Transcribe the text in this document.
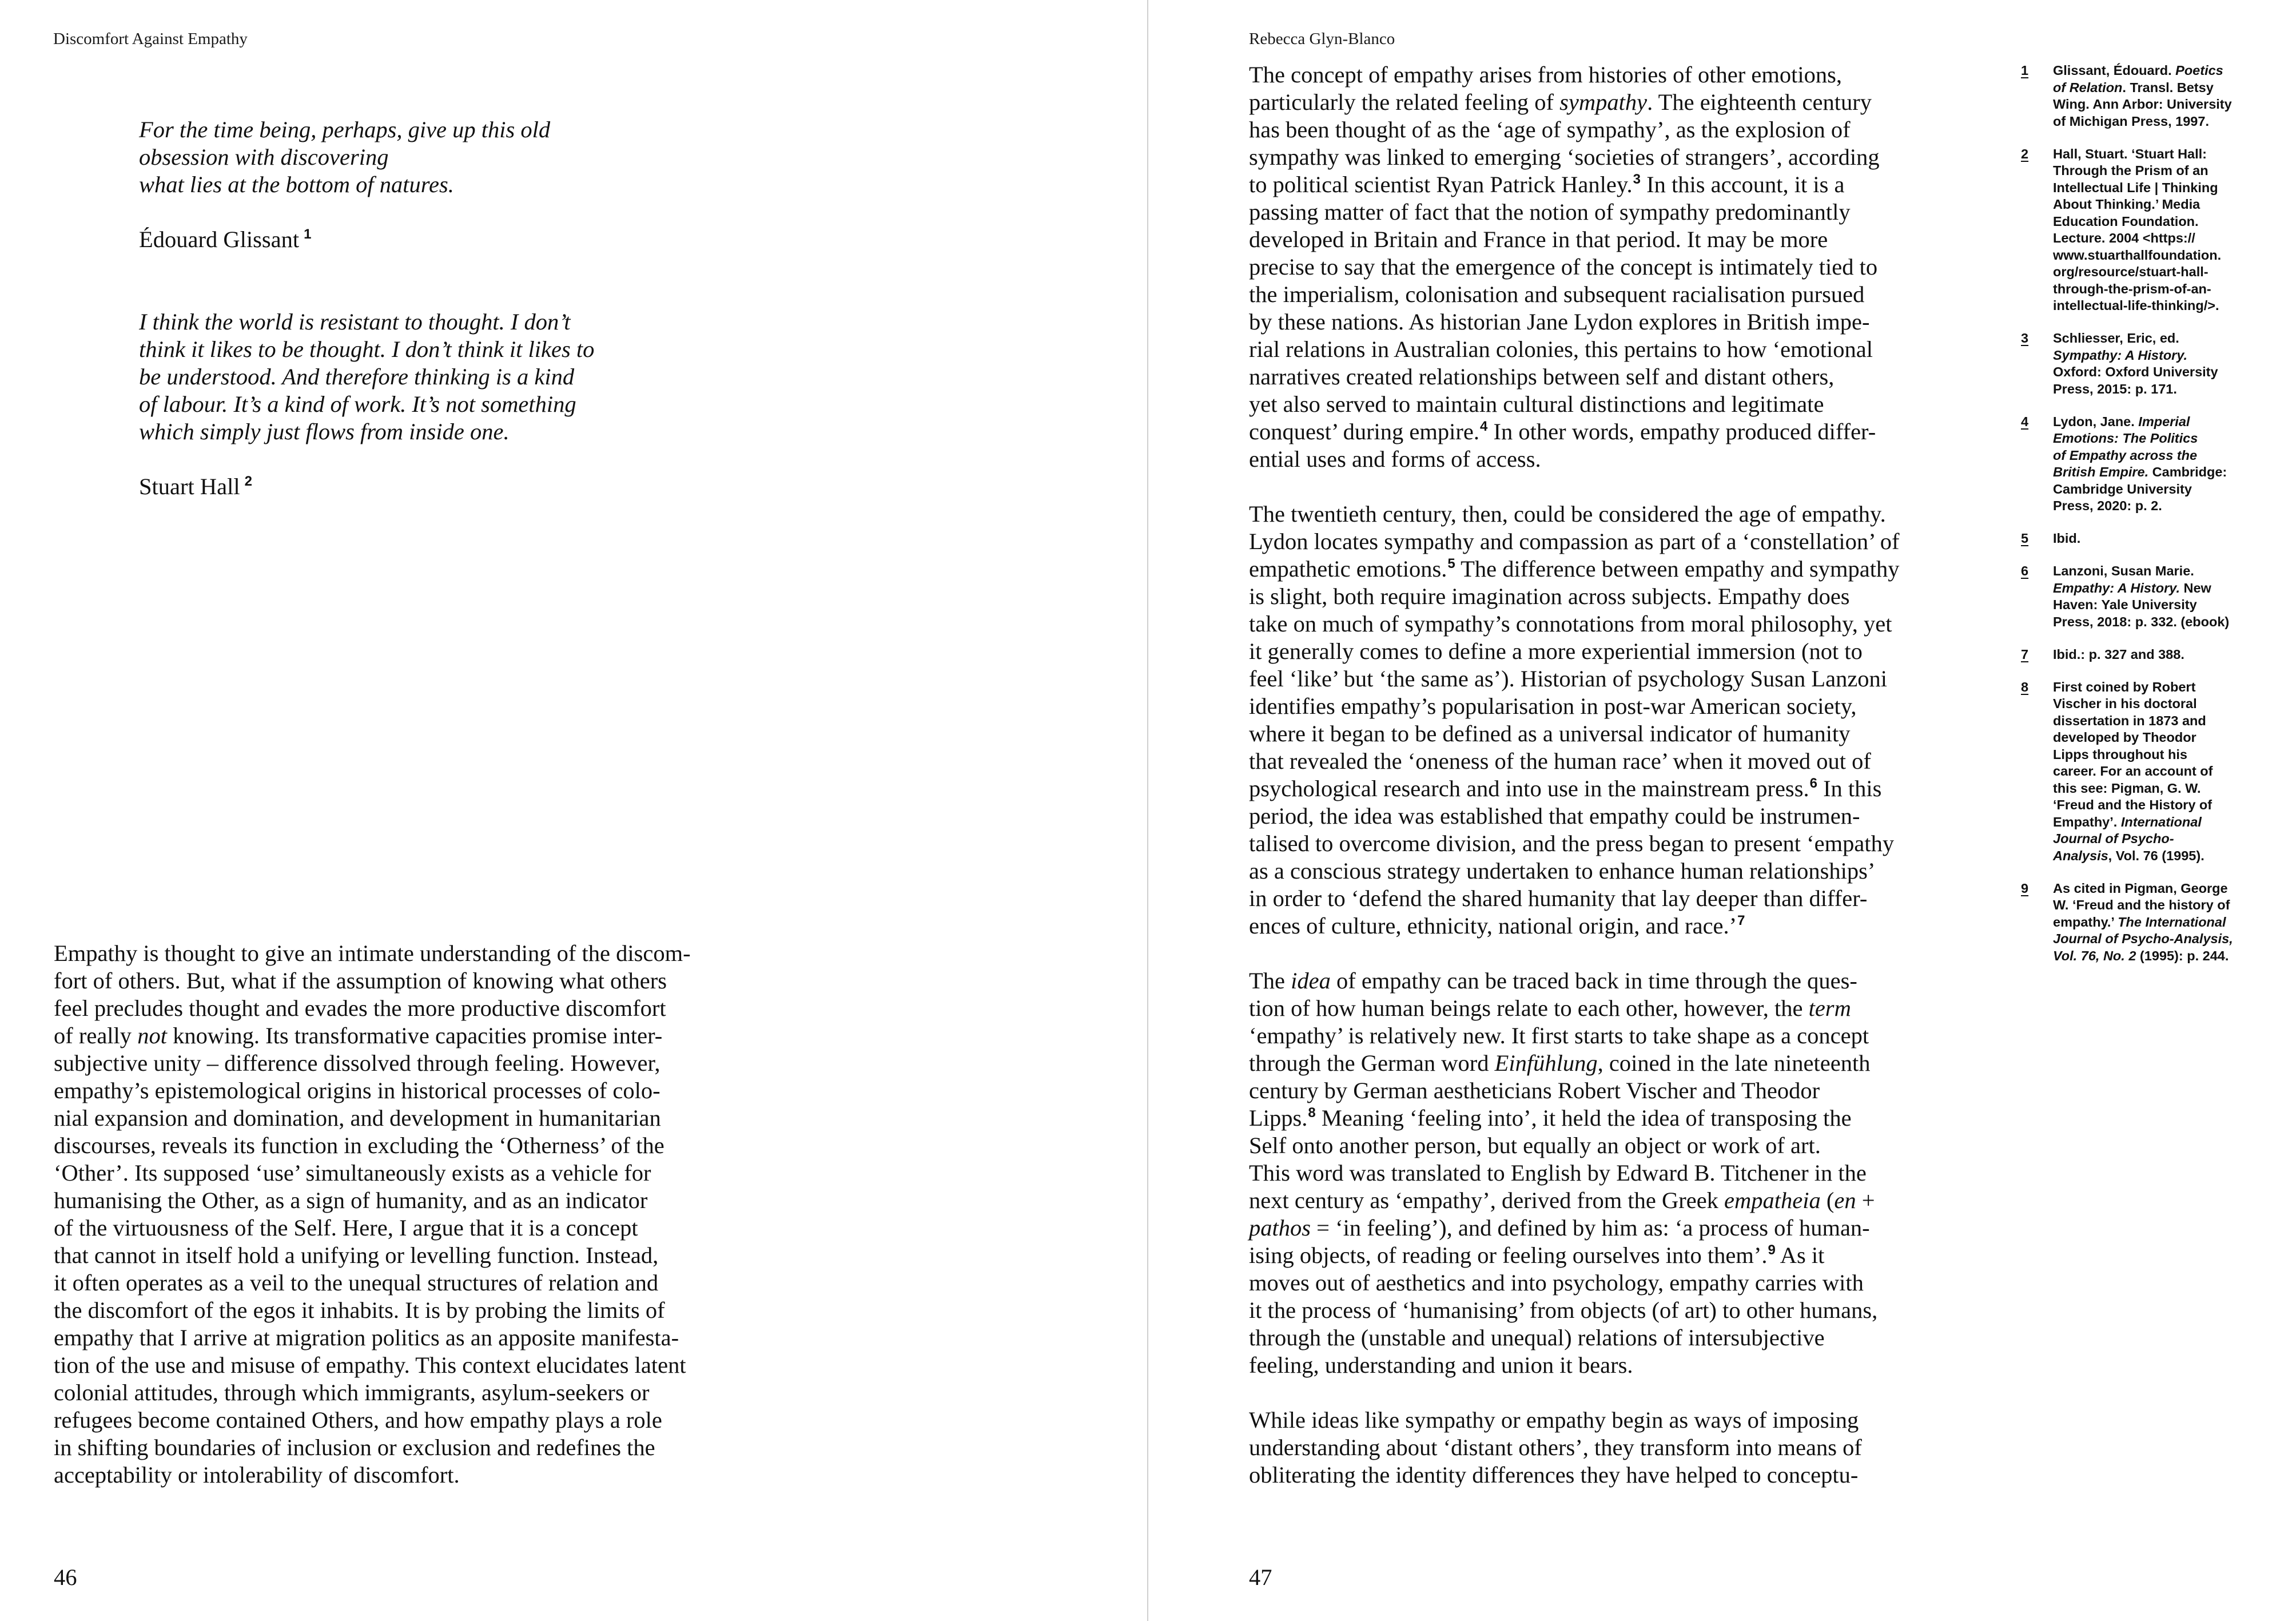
Discomfort Against Empathy
For the time being, perhaps, give up this old
obsession with discovering
what lies at the bottom of natures.
Édouard Glissant $^1$
I think the world is resistant to thought. I don’t
think it likes to be thought. I don’t think it likes to
be understood. And therefore thinking is a kind
of labour. It’s a kind of work. It’s not something
which simply just flows from inside one.
Stuart Hall $^2$
Empathy is thought to give an intimate understanding of the discom-
fort of others. But, what if the assumption of knowing what others
feel precludes thought and evades the more productive discomfort
of really not knowing. Its transformative capacities promise inter-
subjective unity – difference dissolved through feeling. However,
empathy’s epistemological origins in historical processes of colo-
nial expansion and domination, and development in humanitarian
discourses, reveals its function in excluding the ‘Otherness’ of the
‘Other’. Its supposed ‘use’ simultaneously exists as a vehicle for
humanising the Other, as a sign of humanity, and as an indicator
of the virtuousness of the Self. Here, I argue that it is a concept
that cannot in itself hold a unifying or levelling function. Instead,
it often operates as a veil to the unequal structures of relation and
the discomfort of the egos it inhabits. It is by probing the limits of
empathy that I arrive at migration politics as an apposite manifesta-
tion of the use and misuse of empathy. This context elucidates latent
colonial attitudes, through which immigrants, asylum-seekers or
refugees become contained Others, and how empathy plays a role
in shifting boundaries of inclusion or exclusion and redefines the
acceptability or intolerability of discomfort.
46
Rebecca Glyn-Blanco
The concept of empathy arises from histories of other emotions,
particularly the related feeling of sympathy. The eighteenth century
has been thought of as the ‘age of sympathy’, as the explosion of
sympathy was linked to emerging ‘societies of strangers’, according
to political scientist Ryan Patrick Hanley.$^3$ In this account, it is a
passing matter of fact that the notion of sympathy predominantly
developed in Britain and France in that period. It may be more
precise to say that the emergence of the concept is intimately tied to
the imperialism, colonisation and subsequent racialisation pursued
by these nations. As historian Jane Lydon explores in British impe-
rial relations in Australian colonies, this pertains to how ‘emotional
narratives created relationships between self and distant others,
yet also served to maintain cultural distinctions and legitimate
conquest’ during empire.$^4$ In other words, empathy produced differ-
ential uses and forms of access.
The twentieth century, then, could be considered the age of empathy.
Lydon locates sympathy and compassion as part of a ‘constellation’ of
empathetic emotions.$^5$ The difference between empathy and sympathy
is slight, both require imagination across subjects. Empathy does
take on much of sympathy’s connotations from moral philosophy, yet
it generally comes to define a more experiential immersion (not to
feel ‘like’ but ‘the same as’). Historian of psychology Susan Lanzoni
identifies empathy’s popularisation in post-war American society,
where it began to be defined as a universal indicator of humanity
that revealed the ‘oneness of the human race’ when it moved out of
psychological research and into use in the mainstream press.$^6$ In this
period, the idea was established that empathy could be instrumen-
talised to overcome division, and the press began to present ‘empathy
as a conscious strategy undertaken to enhance human relationships’
in order to ‘defend the shared humanity that lay deeper than differ-
ences of culture, ethnicity, national origin, and race.’$^7$
The idea of empathy can be traced back in time through the ques-
tion of how human beings relate to each other, however, the term
‘empathy’ is relatively new. It first starts to take shape as a concept
through the German word Einfühlung, coined in the late nineteenth
century by German aestheticians Robert Vischer and Theodor
Lipps.$^8$ Meaning ‘feeling into’, it held the idea of transposing the
Self onto another person, but equally an object or work of art.
This word was translated to English by Edward B. Titchener in the
next century as ‘empathy’, derived from the Greek empatheia (en +
pathos = ‘in feeling’), and defined by him as: ‘a process of human-
ising objects, of reading or feeling ourselves into them’.$^9$ As it
moves out of aesthetics and into psychology, empathy carries with
it the process of ‘humanising’ from objects (of art) to other humans,
through the (unstable and unequal) relations of intersubjective
feeling, understanding and union it bears.
While ideas like sympathy or empathy begin as ways of imposing
understanding about ‘distant others’, they transform into means of
obliterating the identity differences they have helped to conceptu-
1	Glissant, Édouard. Poetics
of Relation. Transl. Betsy
Wing. Ann Arbor: University
of Michigan Press, 1997.
2	Hall, Stuart. ‘Stuart Hall:
Through the Prism of an
Intellectual Life | Thinking
About Thinking.’ Media
Education Foundation.
Lecture. 2004 <https://
www.stuarthallfoundation.
org/resource/stuart-hall-
through-the-prism-of-an-
intellectual-life-thinking/>.
3	Schliesser, Eric, ed.
Sympathy: A History.
Oxford: Oxford University
Press, 2015: p. 171.
4	Lydon, Jane. Imperial
Emotions: The Politics
of Empathy across the
British Empire. Cambridge:
Cambridge University
Press, 2020: p. 2.
5	Ibid.
6	Lanzoni, Susan Marie.
Empathy: A History. New
Haven: Yale University
Press, 2018: p. 332. (ebook)
7	Ibid.: p. 327 and 388.
8	First coined by Robert
Vischer in his doctoral
dissertation in 1873 and
developed by Theodor
Lipps throughout his
career. For an account of
this see: Pigman, G. W.
‘Freud and the History of
Empathy’. International
Journal of Psycho-
Analysis, Vol. 76 (1995).
9	As cited in Pigman, George
W. ‘Freud and the history of
empathy.’ The International
Journal of Psycho-Analysis,
Vol. 76, No. 2 (1995): p. 244.
47
